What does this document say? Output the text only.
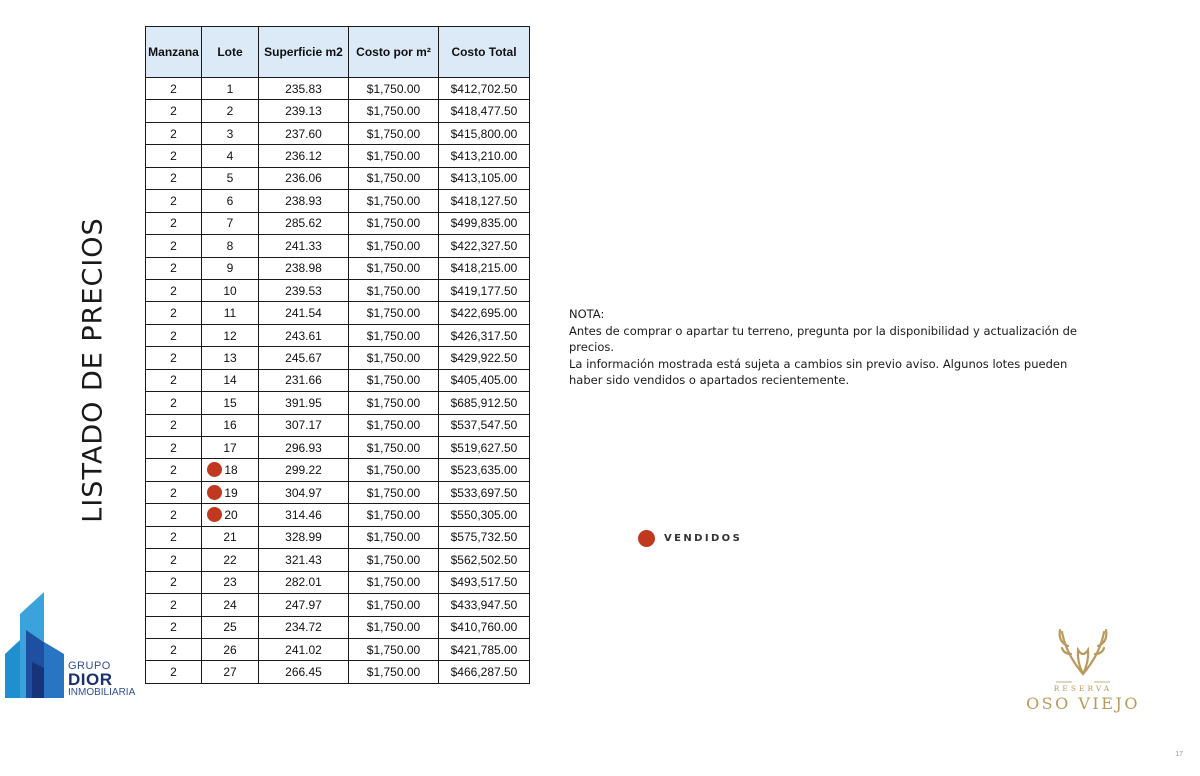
LISTADO DE PRECIOS
Manzana	Lote	Superficie m2	Costo por m²	Costo Total
2	1	235.83	$1,750.00	$412,702.50
2	2	239.13	$1,750.00	$418,477.50
2	3	237.60	$1,750.00	$415,800.00
2	4	236.12	$1,750.00	$413,210.00
2	5	236.06	$1,750.00	$413,105.00
2	6	238.93	$1,750.00	$418,127.50
2	7	285.62	$1,750.00	$499,835.00
2	8	241.33	$1,750.00	$422,327.50
2	9	238.98	$1,750.00	$418,215.00
2	10	239.53	$1,750.00	$419,177.50
2	11	241.54	$1,750.00	$422,695.00
2	12	243.61	$1,750.00	$426,317.50
2	13	245.67	$1,750.00	$429,922.50
2	14	231.66	$1,750.00	$405,405.00
2	15	391.95	$1,750.00	$685,912.50
2	16	307.17	$1,750.00	$537,547.50
2	17	296.93	$1,750.00	$519,627.50
2	18	299.22	$1,750.00	$523,635.00
2	19	304.97	$1,750.00	$533,697.50
2	20	314.46	$1,750.00	$550,305.00
2	21	328.99	$1,750.00	$575,732.50
2	22	321.43	$1,750.00	$562,502.50
2	23	282.01	$1,750.00	$493,517.50
2	24	247.97	$1,750.00	$433,947.50
2	25	234.72	$1,750.00	$410,760.00
2	26	241.02	$1,750.00	$421,785.00
2	27	266.45	$1,750.00	$466,287.50

NOTA:

Antes de comprar o apartar tu terreno, pregunta por la disponibilidad y actualización de precios.

La información mostrada está sujeta a cambios sin previo aviso. Algunos lotes pueden haber sido vendidos o apartados recientemente.

VENDIDOS
GRUPO
DIOR
INMOBILIARIA	RESERVA
OSO VIEJO
17
